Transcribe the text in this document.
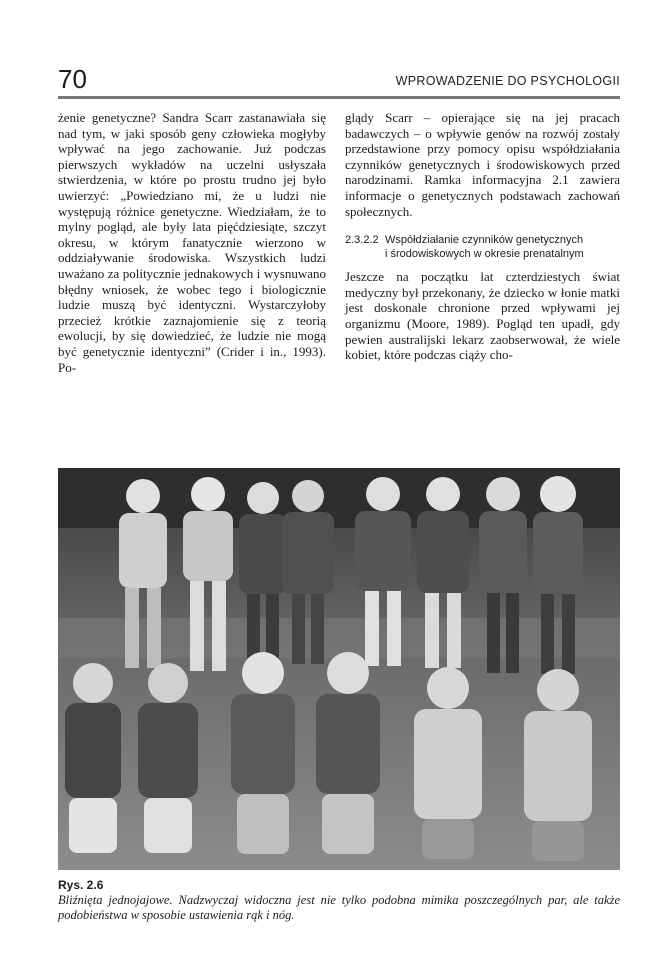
70	WPROWADZENIE DO PSYCHOLOGII

żenie genetyczne? Sandra Scarr zastanawiała się nad tym, w jaki sposób geny człowieka mogłyby wpływać na jego zachowanie. Już podczas pierwszych wykładów na uczelni usłyszała stwierdzenia, w które po prostu trudno jej było uwierzyć: „Powiedziano mi, że u ludzi nie występują różnice genetyczne. Wiedziałam, że to mylny pogląd, ale były lata pięćdziesiąte, szczyt okresu, w którym fanatycznie wierzono w oddziaływanie środowiska. Wszystkich ludzi uważano za politycznie jednakowych i wysnuwano błędny wniosek, że wobec tego i biologicznie ludzie muszą być identyczni. Wystarczyłoby przecież krótkie zaznajomienie się z teorią ewolucji, by się dowiedzieć, że ludzie nie mogą być genetycznie identyczni” (Crider i in., 1993). Po-

glądy Scarr – opierające się na jej pracach badawczych – o wpływie genów na rozwój zostały przedstawione przy pomocy opisu współdziałania czynników genetycznych i środowiskowych przed narodzinami. Ramka informacyjna 2.1 zawiera informacje o genetycznych podstawach zachowań społecznych.

2.3.2.2 Współdziałanie czynników genetycznych
i środowiskowych w okresie prenatalnym

Jeszcze na początku lat czterdziestych świat medyczny był przekonany, że dziecko w łonie matki jest doskonale chronione przed wpływami jej organizmu (Moore, 1989). Pogląd ten upadł, gdy pewien australijski lekarz zaobserwował, że wiele kobiet, które podczas ciąży cho-

Rys. 2.6
Bliźnięta jednojajowe. Nadzwyczaj widoczna jest nie tylko podobna mimika poszczególnych par, ale także podobieństwa w sposobie ustawienia rąk i nóg.
